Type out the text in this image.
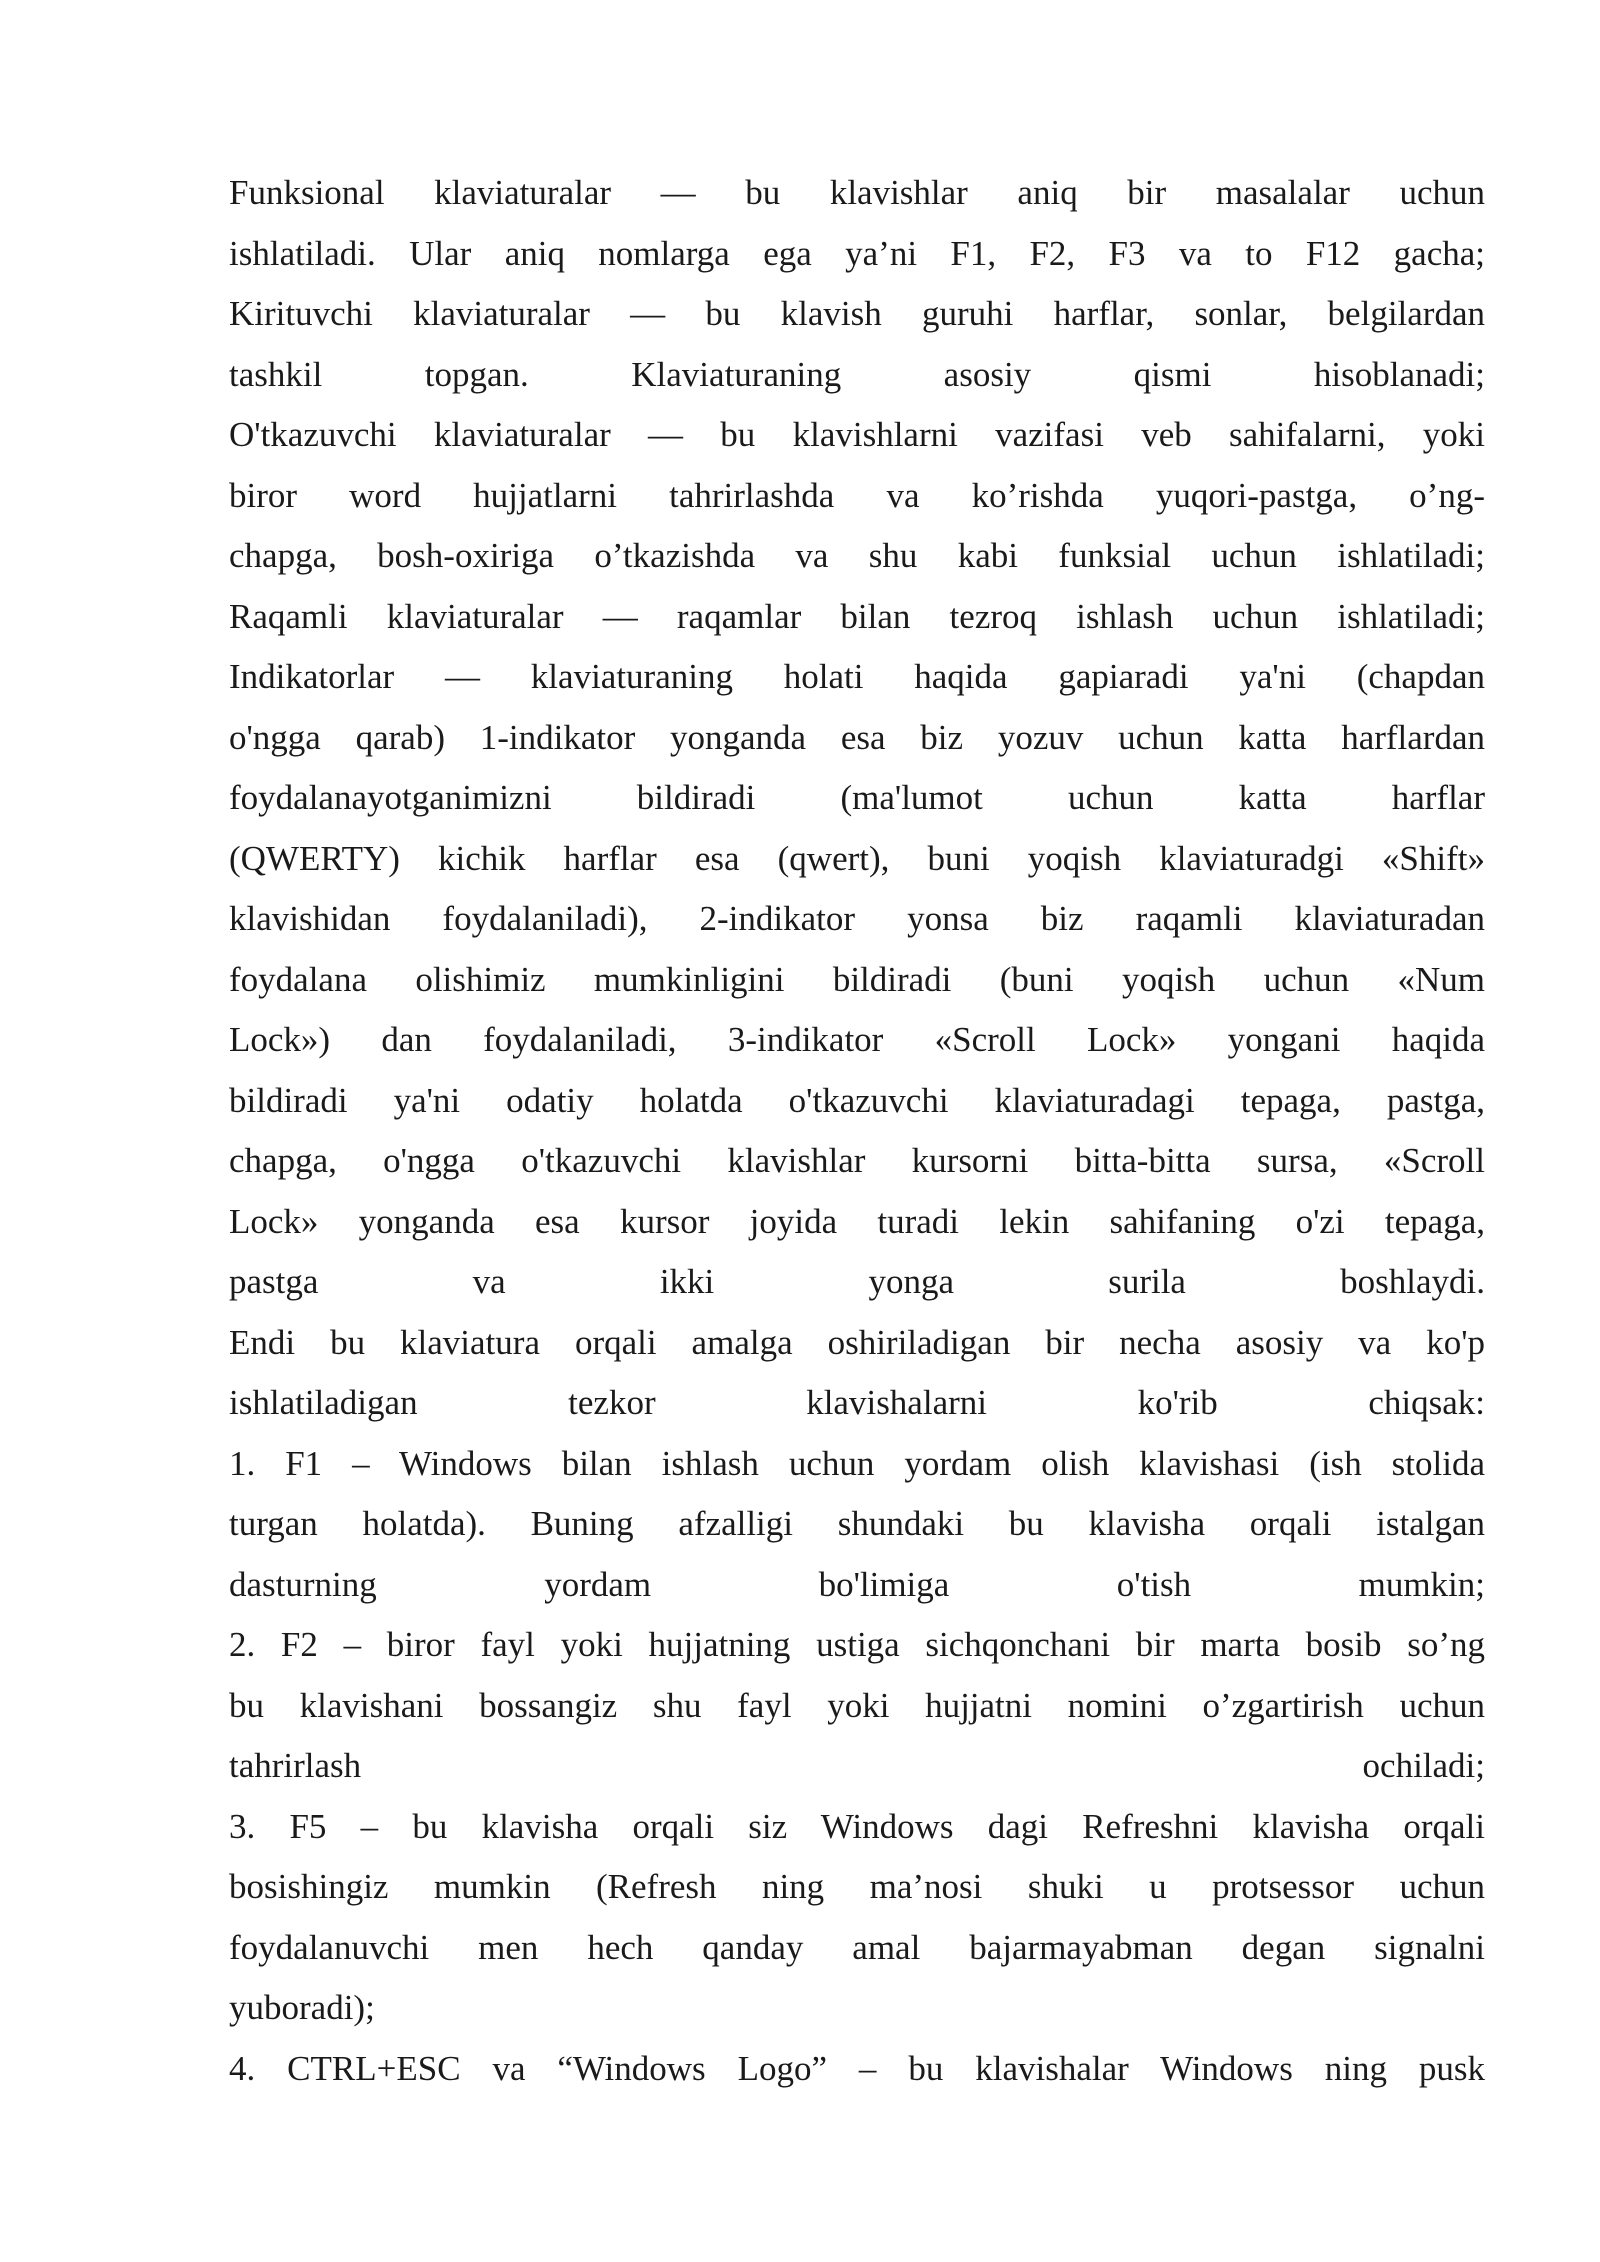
Funksional klaviaturalar — bu klavishlar aniq bir masalalar uchun
ishlatiladi. Ular aniq nomlarga ega ya’ni F1, F2, F3 va to F12 gacha;
Kirituvchi klaviaturalar — bu klavish guruhi harflar, sonlar, belgilardan
tashkil topgan. Klaviaturaning asosiy qismi hisoblanadi;
O'tkazuvchi klaviaturalar — bu klavishlarni vazifasi veb sahifalarni, yoki
biror word hujjatlarni tahrirlashda va ko’rishda yuqori-pastga, o’ng-
chapga, bosh-oxiriga o’tkazishda va shu kabi funksial uchun ishlatiladi;
Raqamli klaviaturalar — raqamlar bilan tezroq ishlash uchun ishlatiladi;
Indikatorlar — klaviaturaning holati haqida gapiaradi ya'ni (chapdan
o'ngga qarab) 1-indikator yonganda esa biz yozuv uchun katta harflardan
foydalanayotganimizni bildiradi (ma'lumot uchun katta harflar
(QWERTY) kichik harflar esa (qwert), buni yoqish klaviaturadgi «Shift»
klavishidan foydalaniladi), 2-indikator yonsa biz raqamli klaviaturadan
foydalana olishimiz mumkinligini bildiradi (buni yoqish uchun «Num
Lock») dan foydalaniladi, 3-indikator «Scroll Lock» yongani haqida
bildiradi ya'ni odatiy holatda o'tkazuvchi klaviaturadagi tepaga, pastga,
chapga, o'ngga o'tkazuvchi klavishlar kursorni bitta-bitta sursa, «Scroll
Lock» yonganda esa kursor joyida turadi lekin sahifaning o'zi tepaga,
pastga va ikki yonga surila boshlaydi.
Endi bu klaviatura orqali amalga oshiriladigan bir necha asosiy va ko'p
ishlatiladigan tezkor klavishalarni ko'rib chiqsak:
1. F1 – Windows bilan ishlash uchun yordam olish klavishasi (ish stolida
turgan holatda). Buning afzalligi shundaki bu klavisha orqali istalgan
dasturning yordam bo'limiga o'tish mumkin;
2. F2 – biror fayl yoki hujjatning ustiga sichqonchani bir marta bosib so’ng
bu klavishani bossangiz shu fayl yoki hujjatni nomini o’zgartirish uchun
tahrirlash ochiladi;
3. F5 – bu klavisha orqali siz Windows dagi Refreshni klavisha orqali
bosishingiz mumkin (Refresh ning ma’nosi shuki u protsessor uchun
foydalanuvchi men hech qanday amal bajarmayabman degan signalni
yuboradi);
4. CTRL+ESC va “Windows Logo” – bu klavishalar Windows ning pusk
